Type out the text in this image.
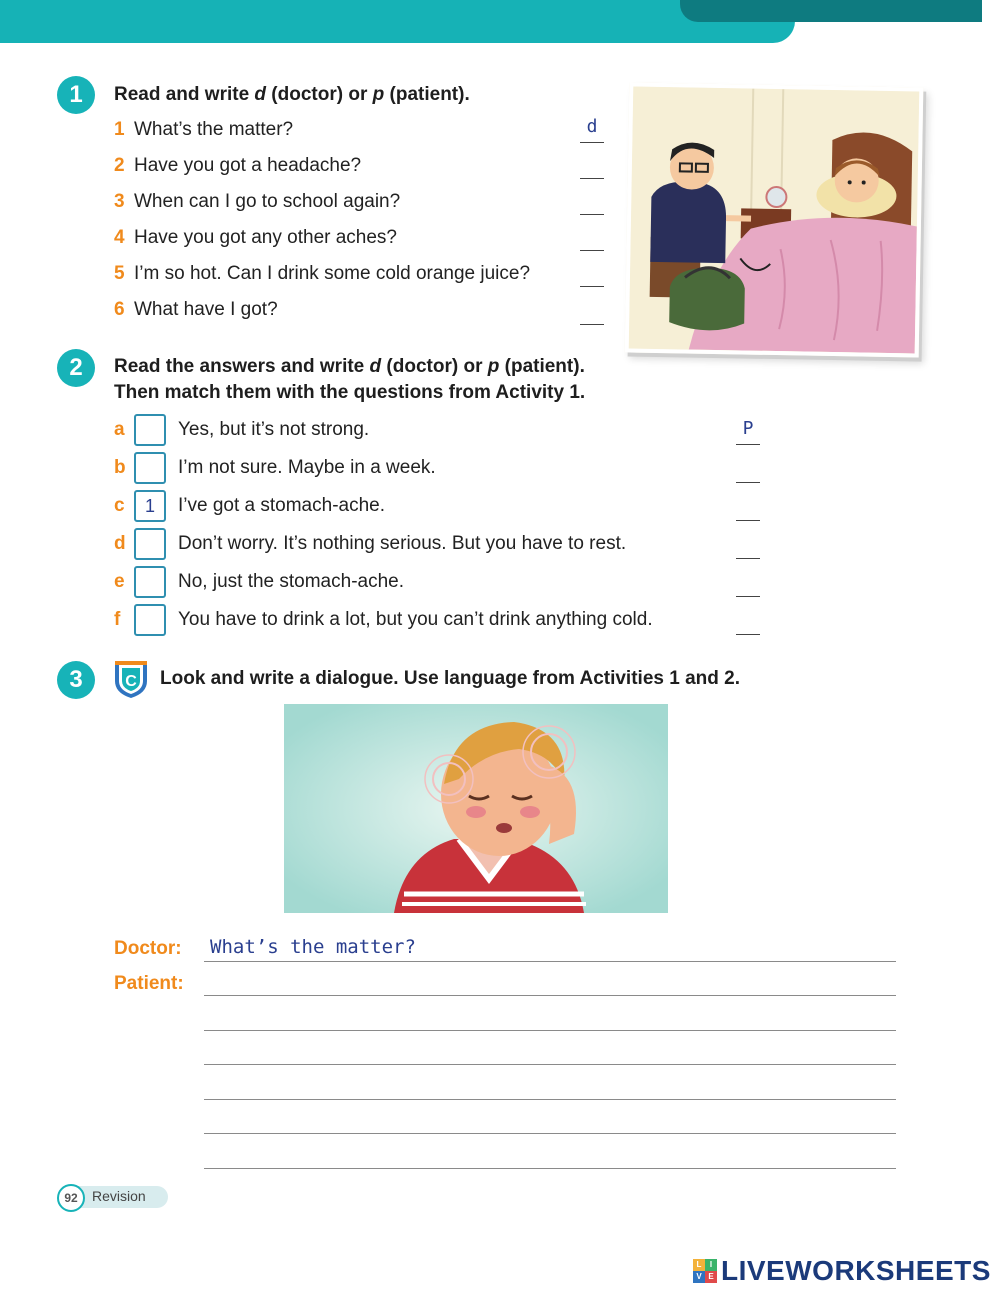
1	Read and write d (doctor) or p (patient).
1 What’s the matter?	d
2 Have you got a headache?
3 When can I go to school again?
4 Have you got any other aches?
5 I’m so hot. Can I drink some cold orange juice?
6 What have I got?
2	Read the answers and write d (doctor) or p (patient).
Then match them with the questions from Activity 1.
a	Yes, but it’s not strong.	P
b	I’m not sure. Maybe in a week.
c	1	I’ve got a stomach-ache.
d	Don’t worry. It’s nothing serious. But you have to rest.
e	No, just the stomach-ache.
f	You have to drink a lot, but you can’t drink anything cold.
3	C Look and write a dialogue. Use language from Activities 1 and 2.
Doctor: What’s the matter?
Patient:
92	Revision
L	I
V E LIVEWORKSHEETS
